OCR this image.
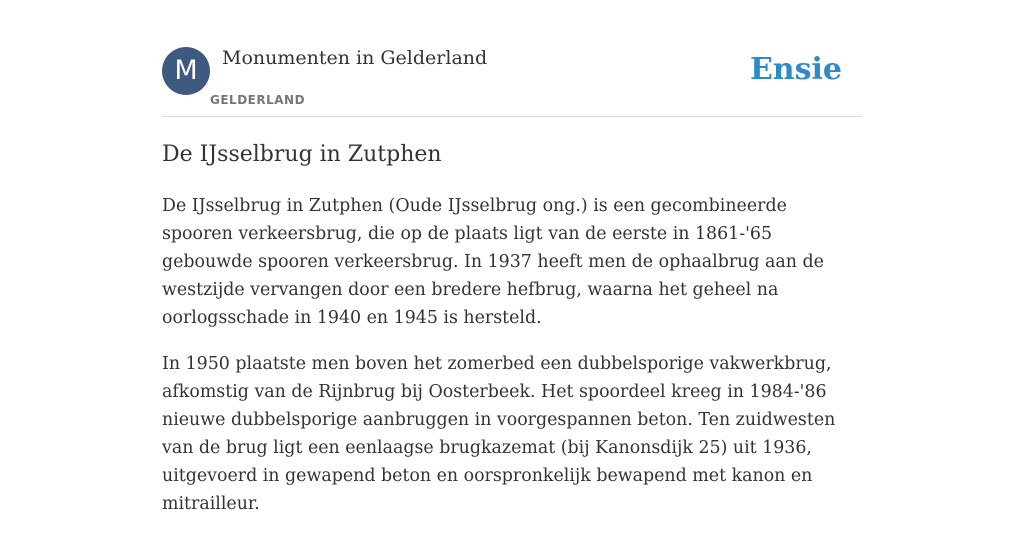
M	Monumenten in Gelderland
GELDERLAND
Ensie
De IJsselbrug in Zutphen

De IJsselbrug in Zutphen (Oude IJsselbrug ong.) is een gecombineerde spooren verkeersbrug, die op de plaats ligt van de eerste in 1861-'65 gebouwde spooren verkeersbrug. In 1937 heeft men de ophaalbrug aan de westzijde vervangen door een bredere hefbrug, waarna het geheel na oorlogsschade in 1940 en 1945 is hersteld.

In 1950 plaatste men boven het zomerbed een dubbelsporige vakwerkbrug, afkomstig van de Rijnbrug bij Oosterbeek. Het spoordeel kreeg in 1984-'86 nieuwe dubbelsporige aanbruggen in voorgespannen beton. Ten zuidwesten van de brug ligt een eenlaagse brugkazemat (bij Kanonsdijk 25) uit 1936, uitgevoerd in gewapend beton en oorspronkelijk bewapend met kanon en mitrailleur.
